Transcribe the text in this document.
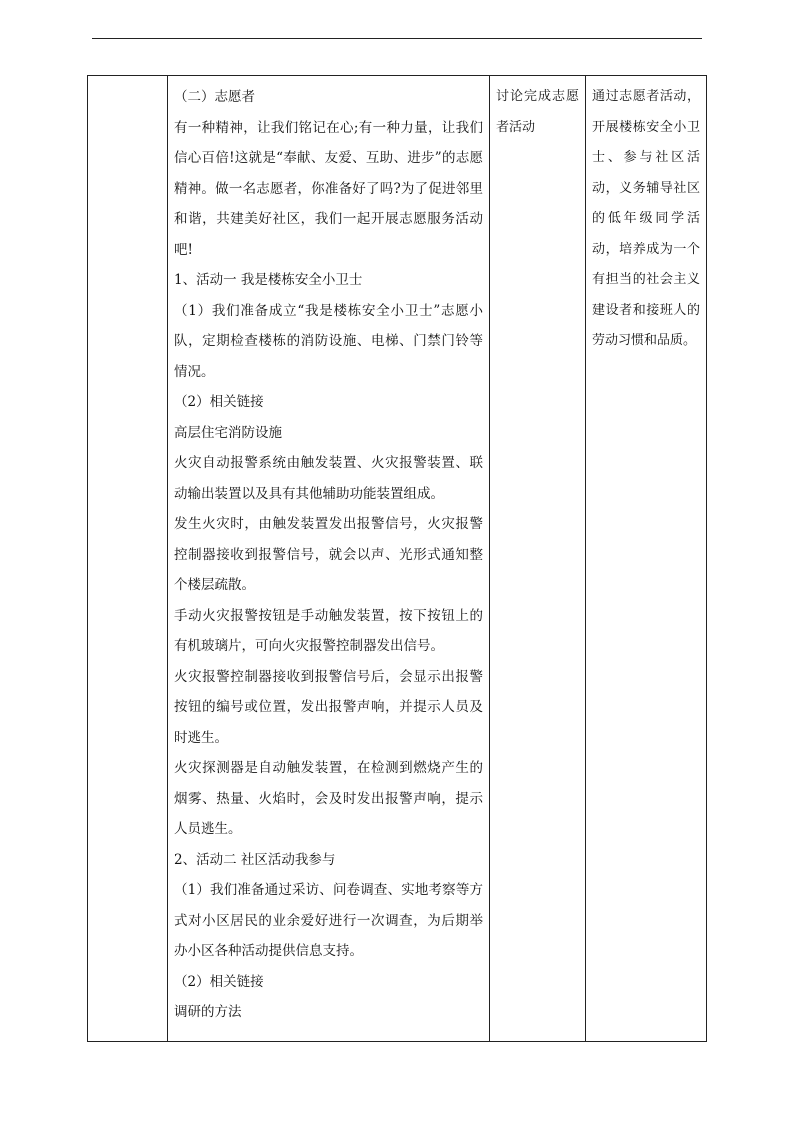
（二）志愿者

有一种精神，让我们铭记在心;有一种力量，让我们信心百倍!这就是“奉献、友爱、互助、进步”的志愿精神。做一名志愿者，你准备好了吗?为了促进邻里和谐，共建美好社区，我们一起开展志愿服务活动吧!

1、活动一 我是楼栋安全小卫士

（1）我们准备成立“我是楼栋安全小卫士”志愿小队，定期检查楼栋的消防设施、电梯、门禁门铃等情况。

（2）相关链接

高层住宅消防设施

火灾自动报警系统由触发装置、火灾报警装置、联动输出装置以及具有其他辅助功能装置组成。

发生火灾时，由触发装置发出报警信号，火灾报警控制器接收到报警信号，就会以声、光形式通知整个楼层疏散。

手动火灾报警按钮是手动触发装置，按下按钮上的有机玻璃片，可向火灾报警控制器发出信号。

火灾报警控制器接收到报警信号后，会显示出报警按钮的编号或位置，发出报警声响，并提示人员及时逃生。

火灾探测器是自动触发装置，在检测到燃烧产生的烟雾、热量、火焰时，会及时发出报警声响，提示人员逃生。

2、活动二 社区活动我参与

（1）我们准备通过采访、问卷调查、实地考察等方式对小区居民的业余爱好进行一次调查，为后期举办小区各种活动提供信息支持。

（2）相关链接

调研的方法

讨论完成志愿者活动

通过志愿者活动，开展楼栋安全小卫士、参与社区活动，义务辅导社区的低年级同学活动，培养成为一个有担当的社会主义建设者和接班人的劳动习惯和品质。
